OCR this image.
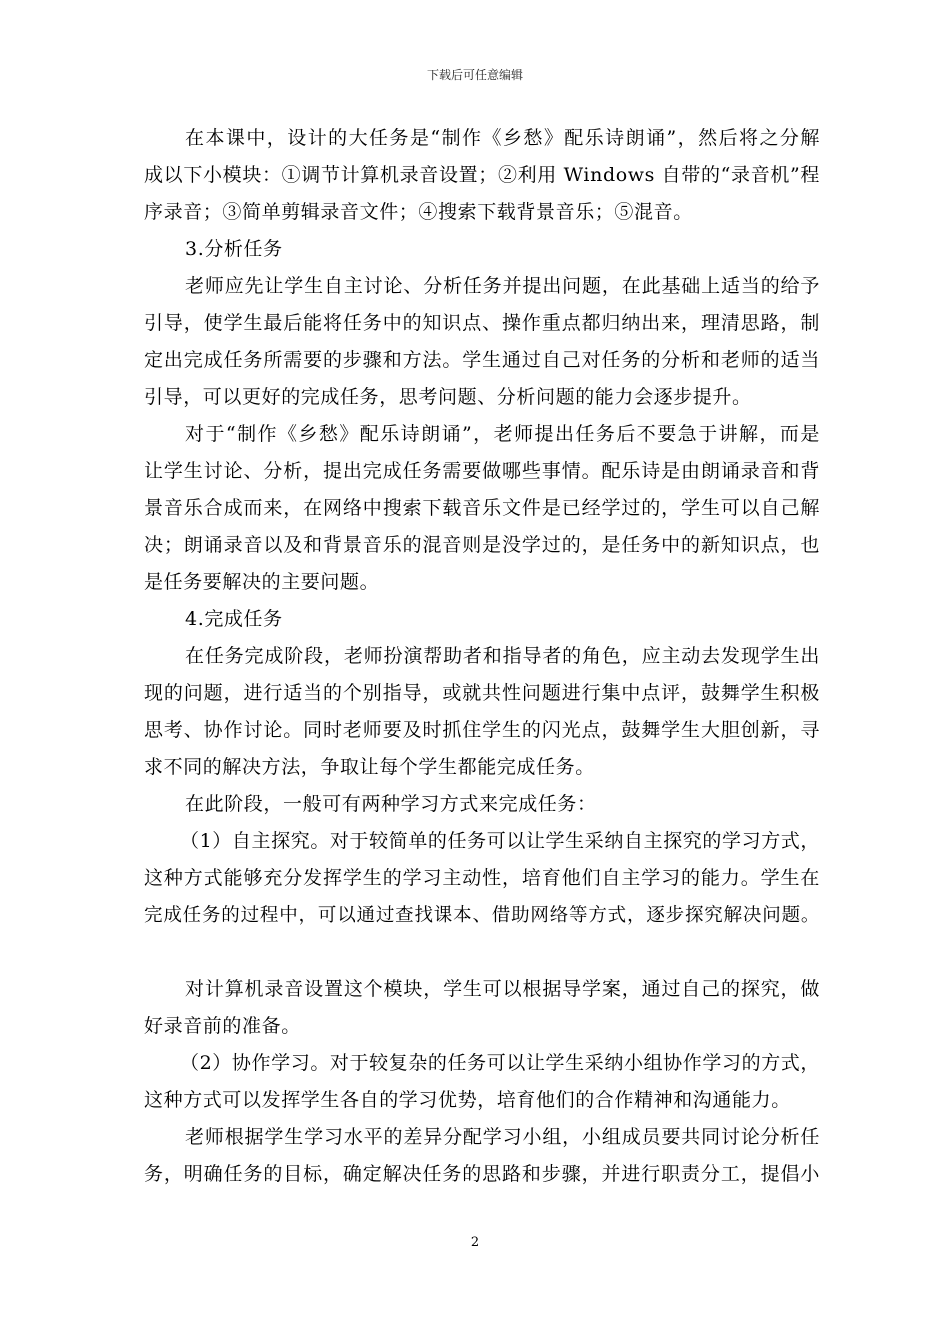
下载后可任意编辑
在本课中，设计的大任务是“制作《乡愁》配乐诗朗诵”，然后将之分解
成以下小模块：①调节计算机录音设置；②利用 Windows 自带的“录音机”程
序录音；③简单剪辑录音文件；④搜索下载背景音乐；⑤混音。
3.分析任务
老师应先让学生自主讨论、分析任务并提出问题，在此基础上适当的给予
引导，使学生最后能将任务中的知识点、操作重点都归纳出来，理清思路，制
定出完成任务所需要的步骤和方法。学生通过自己对任务的分析和老师的适当
引导，可以更好的完成任务，思考问题、分析问题的能力会逐步提升。
对于“制作《乡愁》配乐诗朗诵”，老师提出任务后不要急于讲解，而是
让学生讨论、分析，提出完成任务需要做哪些事情。配乐诗是由朗诵录音和背
景音乐合成而来，在网络中搜索下载音乐文件是已经学过的，学生可以自己解
决；朗诵录音以及和背景音乐的混音则是没学过的，是任务中的新知识点，也
是任务要解决的主要问题。
4.完成任务
在任务完成阶段，老师扮演帮助者和指导者的角色，应主动去发现学生出
现的问题，进行适当的个别指导，或就共性问题进行集中点评，鼓舞学生积极
思考、协作讨论。同时老师要及时抓住学生的闪光点，鼓舞学生大胆创新，寻
求不同的解决方法，争取让每个学生都能完成任务。
在此阶段，一般可有两种学习方式来完成任务：
（1）自主探究。对于较简单的任务可以让学生采纳自主探究的学习方式，
这种方式能够充分发挥学生的学习主动性，培育他们自主学习的能力。学生在
完成任务的过程中，可以通过查找课本、借助网络等方式，逐步探究解决问题。
对计算机录音设置这个模块，学生可以根据导学案，通过自己的探究，做
好录音前的准备。
（2）协作学习。对于较复杂的任务可以让学生采纳小组协作学习的方式，
这种方式可以发挥学生各自的学习优势，培育他们的合作精神和沟通能力。
老师根据学生学习水平的差异分配学习小组，小组成员要共同讨论分析任
务，明确任务的目标，确定解决任务的思路和步骤，并进行职责分工，提倡小
2
